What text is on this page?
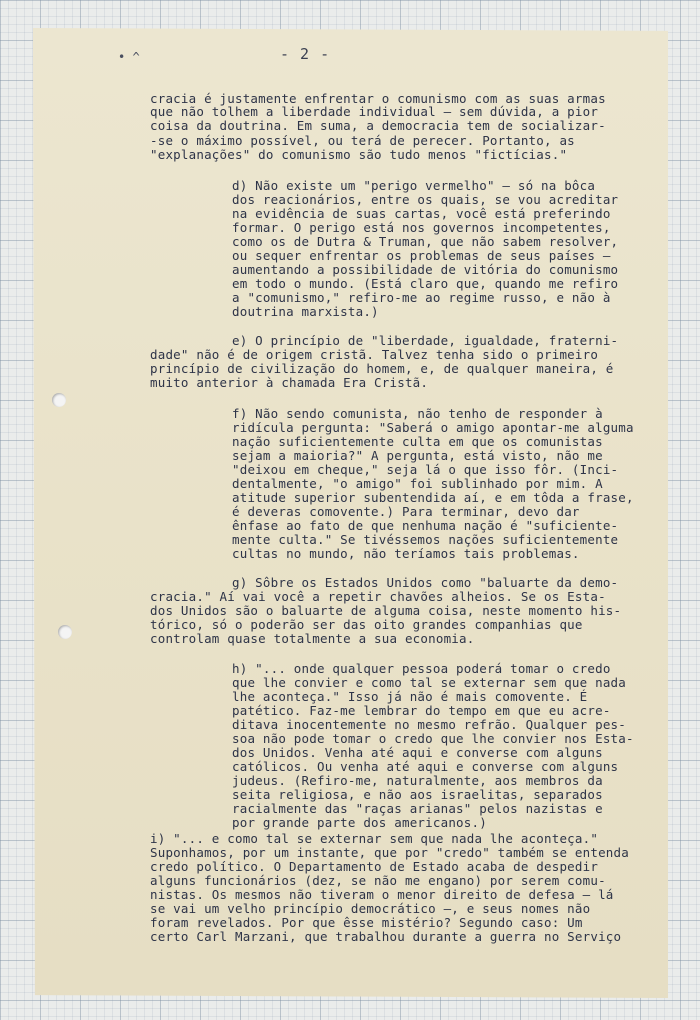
• ^	- 2 -
cracia é justamente enfrentar o comunismo com as suas armas
que não tolhem a liberdade individual — sem dúvida, a pior
coisa da doutrina. Em suma, a democracia tem de socializar-
-se o máximo possível, ou terá de perecer. Portanto, as
"explanações" do comunismo são tudo menos "fictícias."
d) Não existe um "perigo vermelho" — só na bôca
dos reacionários, entre os quais, se vou acreditar
na evidência de suas cartas, você está preferindo
formar. O perigo está nos governos incompetentes,
como os de Dutra & Truman, que não sabem resolver,
ou sequer enfrentar os problemas de seus países —
aumentando a possibilidade de vitória do comunismo
em todo o mundo. (Está claro que, quando me refiro
a "comunismo," refiro-me ao regime russo, e não à
doutrina marxista.)
e) O princípio de "liberdade, igualdade, fraterni-
dade" não é de origem cristã. Talvez tenha sido o primeiro
princípio de civilização do homem, e, de qualquer maneira, é
muito anterior à chamada Era Cristã.
f) Não sendo comunista, não tenho de responder à
ridícula pergunta: "Saberá o amigo apontar-me alguma
nação suficientemente culta em que os comunistas
sejam a maioria?" A pergunta, está visto, não me
"deixou em cheque," seja lá o que isso fôr. (Inci-
dentalmente, "o amigo" foi sublinhado por mim. A
atitude superior subentendida aí, e em tôda a frase,
é deveras comovente.) Para terminar, devo dar
ênfase ao fato de que nenhuma nação é "suficiente-
mente culta." Se tivéssemos nações suficientemente
cultas no mundo, não teríamos tais problemas.
g) Sôbre os Estados Unidos como "baluarte da demo-
cracia." Aí vai você a repetir chavões alheios. Se os Esta-
dos Unidos são o baluarte de alguma coisa, neste momento his-
tórico, só o poderão ser das oito grandes companhias que
controlam quase totalmente a sua economia.
h) "... onde qualquer pessoa poderá tomar o credo
que lhe convier e como tal se externar sem que nada
lhe aconteça." Isso já não é mais comovente. É
patético. Faz-me lembrar do tempo em que eu acre-
ditava inocentemente no mesmo refrão. Qualquer pes-
soa não pode tomar o credo que lhe convier nos Esta-
dos Unidos. Venha até aqui e converse com alguns
católicos. Ou venha até aqui e converse com alguns
judeus. (Refiro-me, naturalmente, aos membros da
seita religiosa, e não aos israelitas, separados
racialmente das "raças arianas" pelos nazistas e
por grande parte dos americanos.)
i) "... e como tal se externar sem que nada lhe aconteça."
Suponhamos, por um instante, que por "credo" também se entenda
credo político. O Departamento de Estado acaba de despedir
alguns funcionários (dez, se não me engano) por serem comu-
nistas. Os mesmos não tiveram o menor direito de defesa — lá
se vai um velho princípio democrático —, e seus nomes não
foram revelados. Por que êsse mistério? Segundo caso: Um
certo Carl Marzani, que trabalhou durante a guerra no Serviço
